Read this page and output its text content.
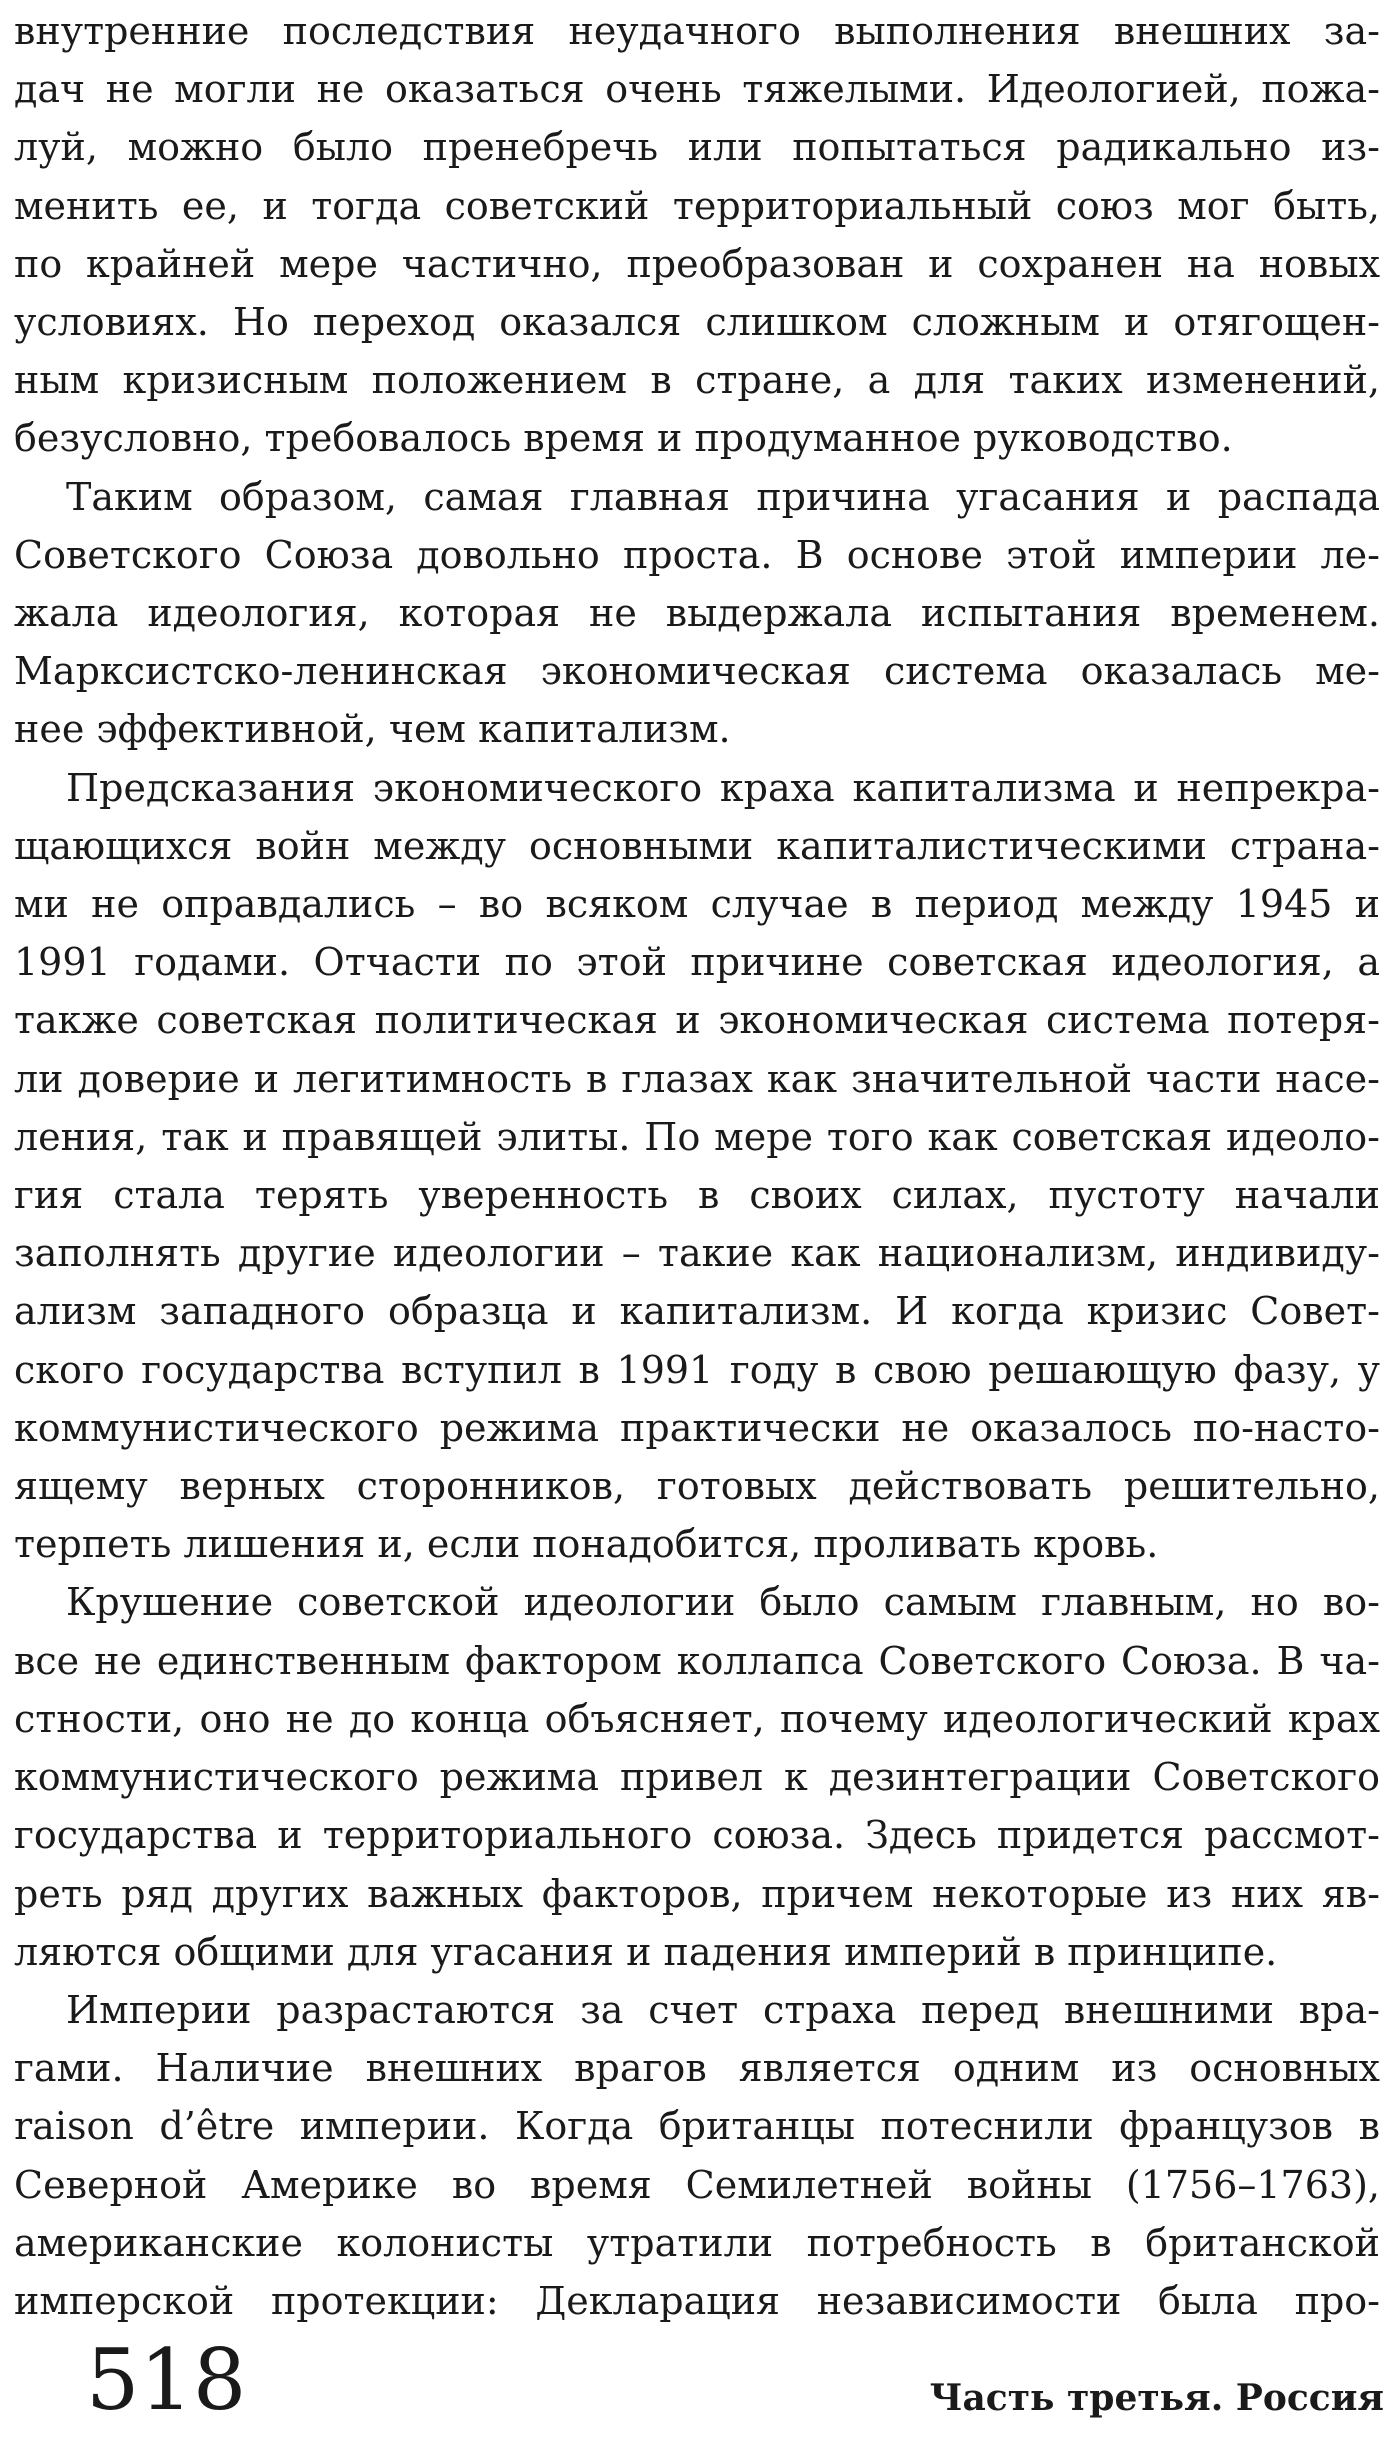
внутренние последствия неудачного выполнения внешних за-
дач не могли не оказаться очень тяжелыми. Идеологией, пожа-
луй, можно было пренебречь или попытаться радикально из-
менить ее, и тогда советский территориальный союз мог быть,
по крайней мере частично, преобразован и сохранен на новых
условиях. Но переход оказался слишком сложным и отягощен-
ным кризисным положением в стране, а для таких изменений,
безусловно, требовалось время и продуманное руководство.

Таким образом, самая главная причина угасания и распада
Советского Союза довольно проста. В основе этой империи ле-
жала идеология, которая не выдержала испытания временем.
Марксистско-ленинская экономическая система оказалась ме-
нее эффективной, чем капитализм.

Предсказания экономического краха капитализма и непрекра-
щающихся войн между основными капиталистическими страна-
ми не оправдались – во всяком случае в период между 1945 и
1991 годами. Отчасти по этой причине советская идеология, а
также советская политическая и экономическая система потеря-
ли доверие и легитимность в глазах как значительной части насе-
ления, так и правящей элиты. По мере того как советская идеоло-
гия стала терять уверенность в своих силах, пустоту начали
заполнять другие идеологии – такие как национализм, индивиду-
ализм западного образца и капитализм. И когда кризис Совет-
ского государства вступил в 1991 году в свою решающую фазу, у
коммунистического режима практически не оказалось по-насто-
ящему верных сторонников, готовых действовать решительно,
терпеть лишения и, если понадобится, проливать кровь.

Крушение советской идеологии было самым главным, но во-
все не единственным фактором коллапса Советского Союза. В ча-
стности, оно не до конца объясняет, почему идеологический крах
коммунистического режима привел к дезинтеграции Советского
государства и территориального союза. Здесь придется рассмот-
реть ряд других важных факторов, причем некоторые из них яв-
ляются общими для угасания и падения империй в принципе.

Империи разрастаются за счет страха перед внешними вра-
гами. Наличие внешних врагов является одним из основных
raison d’être империи. Когда британцы потеснили французов в
Северной Америке во время Семилетней войны (1756–1763),
американские колонисты утратили потребность в британской
имперской протекции: Декларация независимости была про-

518	Часть третья. Россия
